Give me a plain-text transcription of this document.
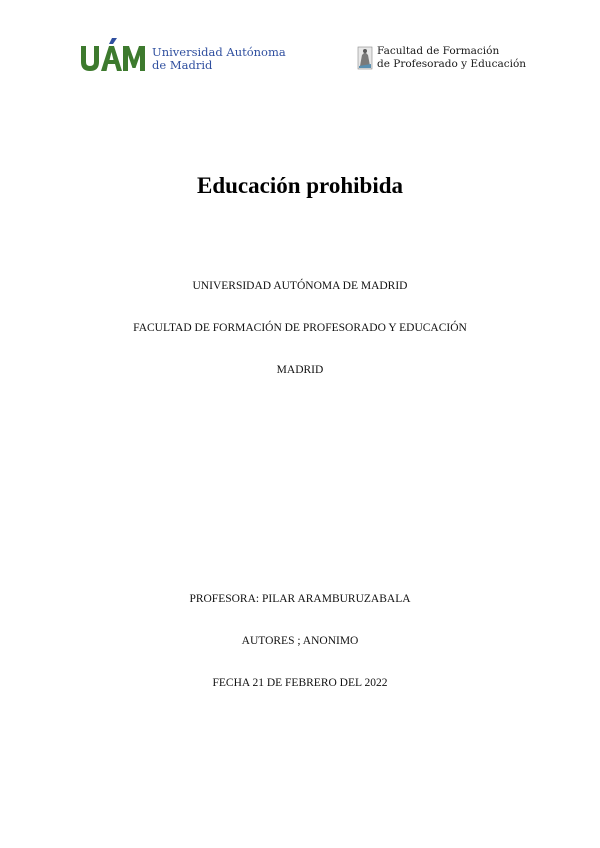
Universidad Autónoma
de Madrid
Facultad de Formación
de Profesorado y Educación
Educación prohibida
UNIVERSIDAD AUTÓNOMA DE MADRID
FACULTAD DE FORMACIÓN DE PROFESORADO Y EDUCACIÓN
MADRID
PROFESORA: PILAR ARAMBURUZABALA
AUTORES ; ANONIMO
FECHA 21 DE FEBRERO DEL 2022
